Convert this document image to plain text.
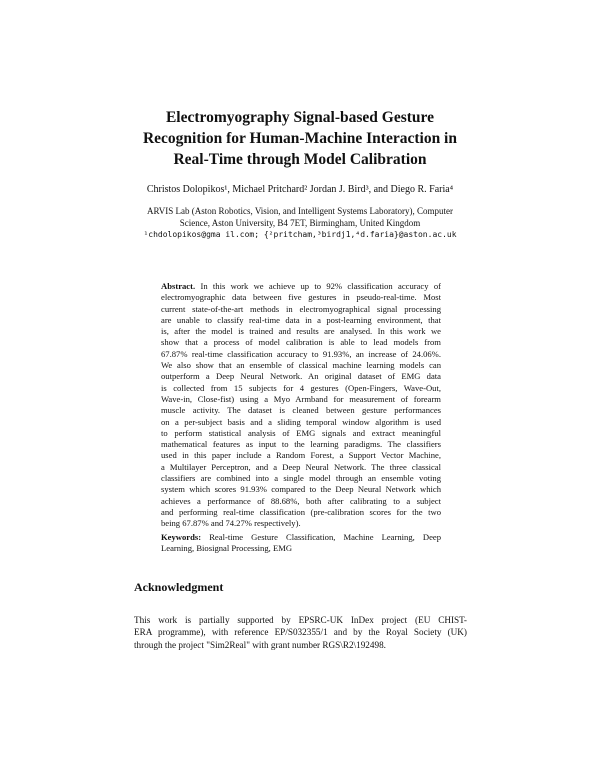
Electromyography Signal-based Gesture
Recognition for Human-Machine Interaction in
Real-Time through Model Calibration
Christos Dolopikos¹, Michael Pritchard² Jordan J. Bird³, and Diego R. Faria⁴
ARVIS Lab (Aston Robotics, Vision, and Intelligent Systems Laboratory), Computer
Science, Aston University, B4 7ET, Birmingham, United Kingdom
¹chdolopikos@gma il.com; {²pritcham,³birdj1,⁴d.faria}@aston.ac.uk
Abstract. In this work we achieve up to 92% classification accuracy of
electromyographic data between five gestures in pseudo-real-time. Most
current state-of-the-art methods in electromyographical signal processing
are unable to classify real-time data in a post-learning environment, that
is, after the model is trained and results are analysed. In this work we
show that a process of model calibration is able to lead models from
67.87% real-time classification accuracy to 91.93%, an increase of 24.06%.
We also show that an ensemble of classical machine learning models can
outperform a Deep Neural Network. An original dataset of EMG data
is collected from 15 subjects for 4 gestures (Open-Fingers, Wave-Out,
Wave-in, Close-fist) using a Myo Armband for measurement of forearm
muscle activity. The dataset is cleaned between gesture performances
on a per-subject basis and a sliding temporal window algorithm is used
to perform statistical analysis of EMG signals and extract meaningful
mathematical features as input to the learning paradigms. The classifiers
used in this paper include a Random Forest, a Support Vector Machine,
a Multilayer Perceptron, and a Deep Neural Network. The three classical
classifiers are combined into a single model through an ensemble voting
system which scores 91.93% compared to the Deep Neural Network which
achieves a performance of 88.68%, both after calibrating to a subject
and performing real-time classification (pre-calibration scores for the two
being 67.87% and 74.27% respectively).
Keywords: Real-time Gesture Classification, Machine Learning, Deep
Learning, Biosignal Processing, EMG
Acknowledgment
This work is partially supported by EPSRC-UK InDex project (EU CHIST-
ERA programme), with reference EP/S032355/1 and by the Royal Society (UK)
through the project "Sim2Real" with grant number RGS\R2\192498.
